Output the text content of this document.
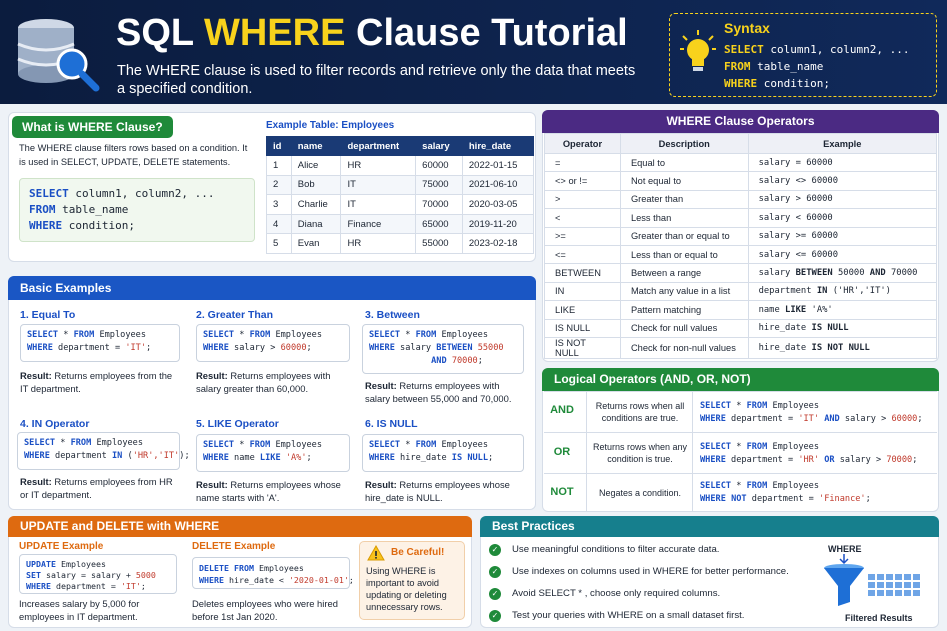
SQL WHERE Clause Tutorial
The WHERE clause is used to filter records and retrieve only the data that meets a specified condition.
Syntax
SELECT column1, column2, ...
FROM table_name
WHERE condition;
What is WHERE Clause?
The WHERE clause filters rows based on a condition. It is used in SELECT, UPDATE, DELETE statements.
SELECT column1, column2, ...
FROM table_name
WHERE condition;
Example Table: Employees
id	name	department	salary	hire_date
1	Alice	HR	60000	2022-01-15
2	Bob	IT	75000	2021-06-10
3	Charlie	IT	70000	2020-03-05
4	Diana	Finance	65000	2019-11-20
5	Evan	HR	55000	2023-02-18
WHERE Clause Operators
Operator	Description	Example
=	Equal to	salary = 60000
<> or !=	Not equal to	salary <> 60000
>	Greater than	salary > 60000
<	Less than	salary < 60000
>=	Greater than or equal to	salary >= 60000
<=	Less than or equal to	salary <= 60000
BETWEEN	Between a range	salary BETWEEN 50000 AND 70000
IN	Match any value in a list	department IN ('HR','IT')
LIKE	Pattern matching	name LIKE 'A%'
IS NULL	Check for null values	hire_date IS NULL
IS NOT NULL	Check for non-null values	hire_date IS NOT NULL
Basic Examples
1. Equal To
SELECT * FROM Employees
WHERE department = 'IT';
Result: Returns employees from the IT department.
2. Greater Than
SELECT * FROM Employees
WHERE salary > 60000;
Result: Returns employees with salary greater than 60,000.
3. Between
SELECT * FROM Employees
WHERE salary BETWEEN 55000
AND 70000;
Result: Returns employees with salary between 55,000 and 70,000.
4. IN Operator
SELECT * FROM Employees
WHERE department IN ('HR','IT');
Result: Returns employees from HR or IT department.
5. LIKE Operator
SELECT * FROM Employees
WHERE name LIKE 'A%';
Result: Returns employees whose name starts with 'A'.
6. IS NULL
SELECT * FROM Employees
WHERE hire_date IS NULL;
Result: Returns employees whose hire_date is NULL.
Logical Operators (AND, OR, NOT)
AND	Returns rows when all conditions are true.
SELECT * FROM Employees
WHERE department = 'IT' AND salary > 60000;
OR	Returns rows when any condition is true.
SELECT * FROM Employees
WHERE department = 'HR' OR salary > 70000;
NOT	Negates a condition.
SELECT * FROM Employees
WHERE NOT department = 'Finance';
UPDATE and DELETE with WHERE
UPDATE Example
UPDATE Employees
SET salary = salary + 5000
WHERE department = 'IT';
Increases salary by 5,000 for employees in IT department.
DELETE Example
DELETE FROM Employees
WHERE hire_date < '2020-01-01';
Deletes employees who were hired before 1st Jan 2020.
Be Careful!
Using WHERE is important to avoid updating or deleting unnecessary rows.
Best Practices
✓ Use meaningful conditions to filter accurate data.
✓ Use indexes on columns used in WHERE for better performance.
✓ Avoid SELECT * , choose only required columns.
✓ Test your queries with WHERE on a small dataset first.
WHERE
Filtered Results
